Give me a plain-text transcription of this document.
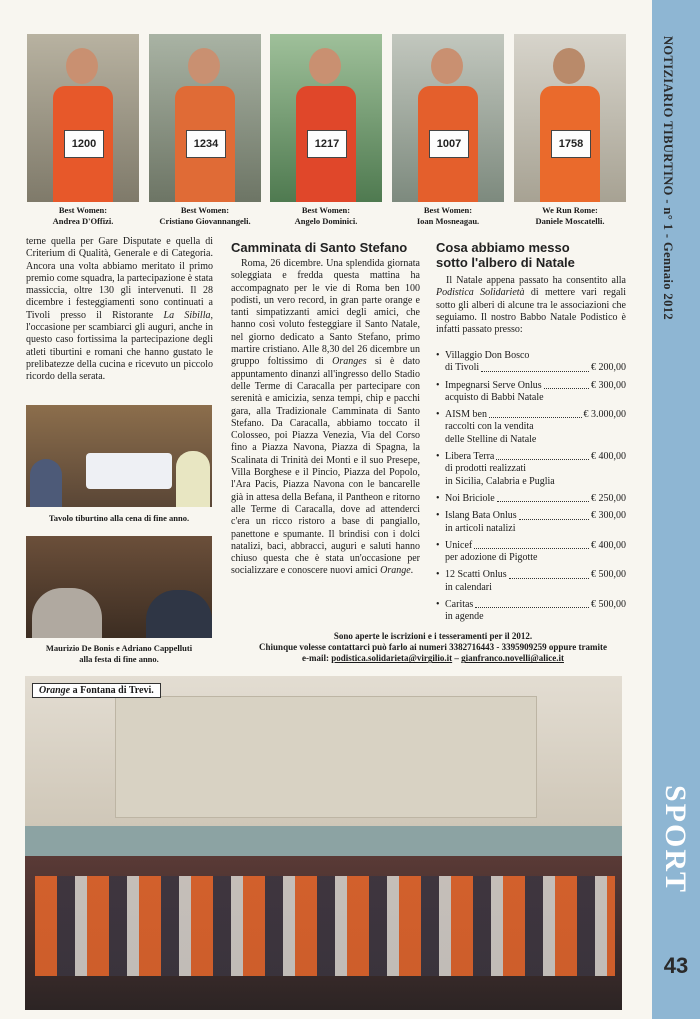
NOTIZIARIO TIBURTINO - n° 1 - Gennaio 2012
SPORT
43
1200	1234	1217	1007	1758
Best Women:
Andrea D'Offizi.
Best Women:
Cristiano Giovannangeli.
Best Women:
Angelo Dominici.
Best Women:
Ioan Mosneagau.
We Run Rome:
Daniele Moscatelli.

terne quella per Gare Disputate e quella di Criterium di Qualità, Generale e di Categoria. Ancora una volta abbiamo meritato il primo premio come squadra, la partecipazione è stata massiccia, oltre 130 gli intervenuti. Il 28 dicembre i festeggiamenti sono continuati a Tivoli presso il Ristorante La Sibilla, l'occasione per scambiarci gli auguri, anche in questo caso fortissima la partecipazione degli atleti tiburtini e romani che hanno gustato le prelibatezze della cucina e ricevuto un piccolo ricordo della serata.

Tavolo tiburtino alla cena di fine anno.
Maurizio De Bonis e Adriano Cappelluti
alla festa di fine anno.
Camminata di Santo Stefano

Roma, 26 dicembre. Una splendida giornata soleggiata e fredda questa mattina ha accompagnato per le vie di Roma ben 100 podisti, un vero record, in gran parte orange e tanti simpatizzanti amici degli amici, che hanno così voluto festeggiare il Santo Natale, nel giorno dedicato a Santo Stefano, primo martire cristiano. Alle 8,30 del 26 dicembre un gruppo foltissimo di Oranges si è dato appuntamento dinanzi all'ingresso dello Stadio delle Terme di Caracalla per partecipare con serenità e amicizia, senza tempi, chip e pacchi gara, alla Tradizionale Camminata di Santo Stefano. Da Caracalla, abbiamo toccato il Colosseo, poi Piazza Venezia, Via del Corso fino a Piazza Navona, Piazza di Spagna, la Scalinata di Trinità dei Monti e il suo Presepe, Villa Borghese e il Pincio, Piazza del Popolo, l'Ara Pacis, Piazza Navona con le bancarelle già in attesa della Befana, il Pantheon e ritorno alle Terme di Caracalla, dove ad attenderci c'era un ricco ristoro a base di pangiallo, panettone e spumante. Il brindisi con i dolci natalizi, baci, abbracci, auguri e saluti hanno chiuso questa che è stata un'occasione per socializzare e conoscere nuovi amici Orange.

Cosa abbiamo messo
sotto l'albero di Natale

Il Natale appena passato ha consentito alla Podistica Solidarietà di mettere vari regali sotto gli alberi di alcune tra le associazioni che seguiamo. Il nostro Babbo Natale Podistico è infatti passato presso:

• Villaggio Don Bosco
di Tivoli	€ 200,00
• Impegnarsi Serve Onlus	€ 300,00
acquisto di Babbi Natale
• AISM ben	€ 3.000,00
raccolti con la vendita
delle Stelline di Natale
• Libera Terra	€ 400,00
di prodotti realizzati
in Sicilia, Calabria e Puglia
• Noi Briciole	€ 250,00
• Islang Bata Onlus	€ 300,00
in articoli natalizi
• Unicef	€ 400,00
per adozione di Pigotte
• 12 Scatti Onlus	€ 500,00
in calendari
• Caritas	€ 500,00
in agende
Sono aperte le iscrizioni e i tesseramenti per il 2012.
Chiunque volesse contattarci può farlo ai numeri 3382716443 - 3395909259 oppure tramite
e-mail: podistica.solidarieta@virgilio.it – gianfranco.novelli@alice.it
Orange a Fontana di Trevi.
